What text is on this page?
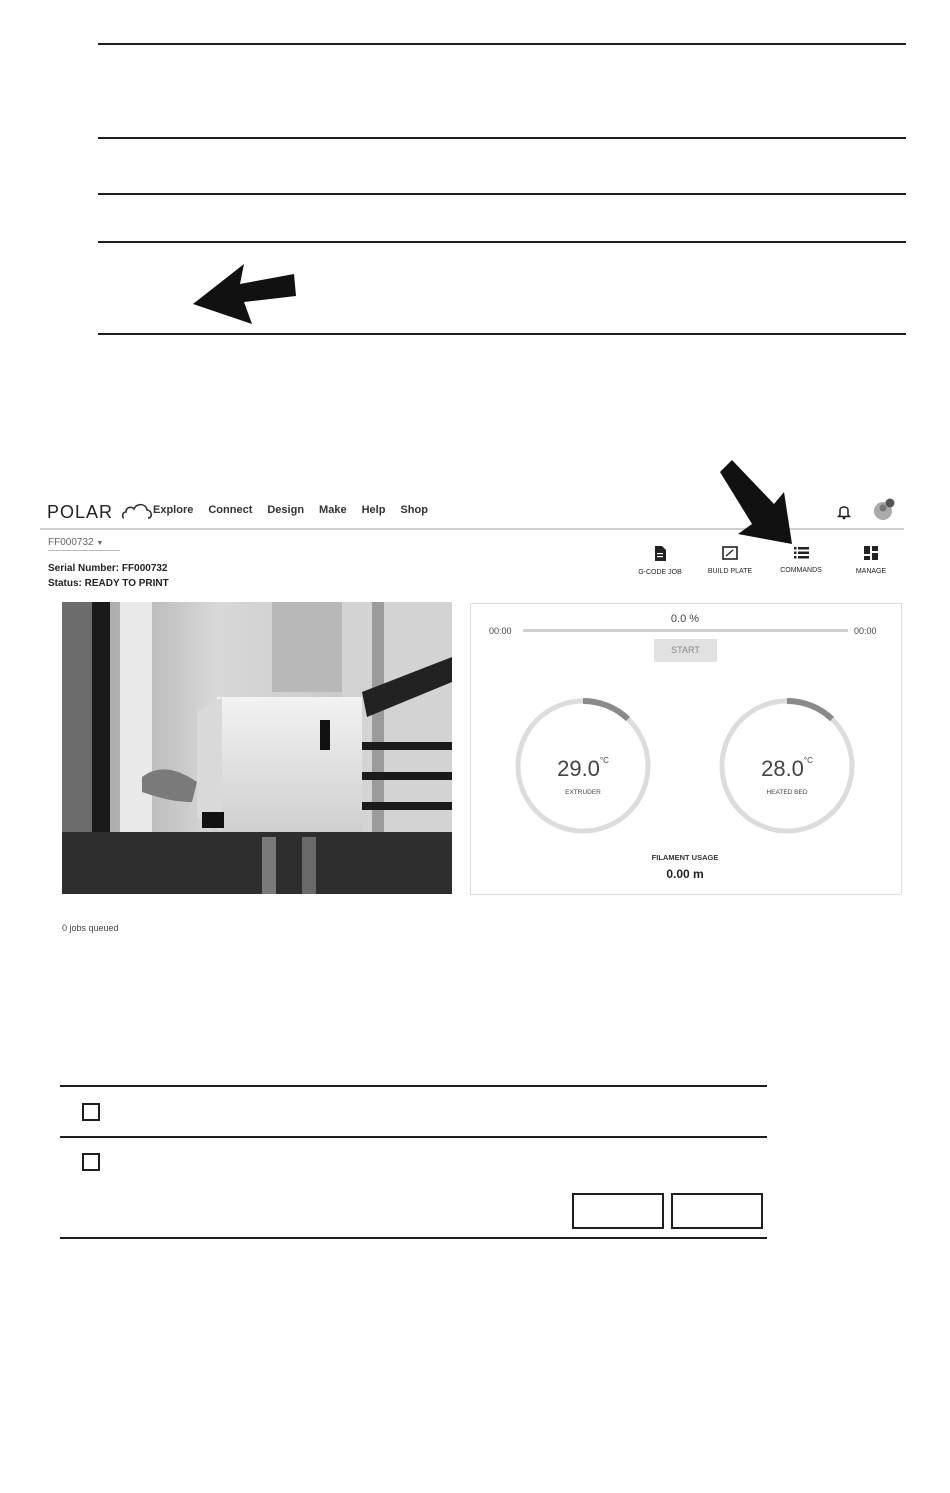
POLAR	Explore Connect Design Make Help Shop
FF000732 ▼
Serial Number: FF000732
Status: READY TO PRINT
G-CODE JOB	BUILD PLATE	COMMANDS	MANAGE
0.0 %
00:00	00:00
START
$29.0^{^\circ C}$
EXTRUDER
$28.0^{^\circ C}$
HEATED BED
FILAMENT USAGE
0.00 m
0 jobs queued
